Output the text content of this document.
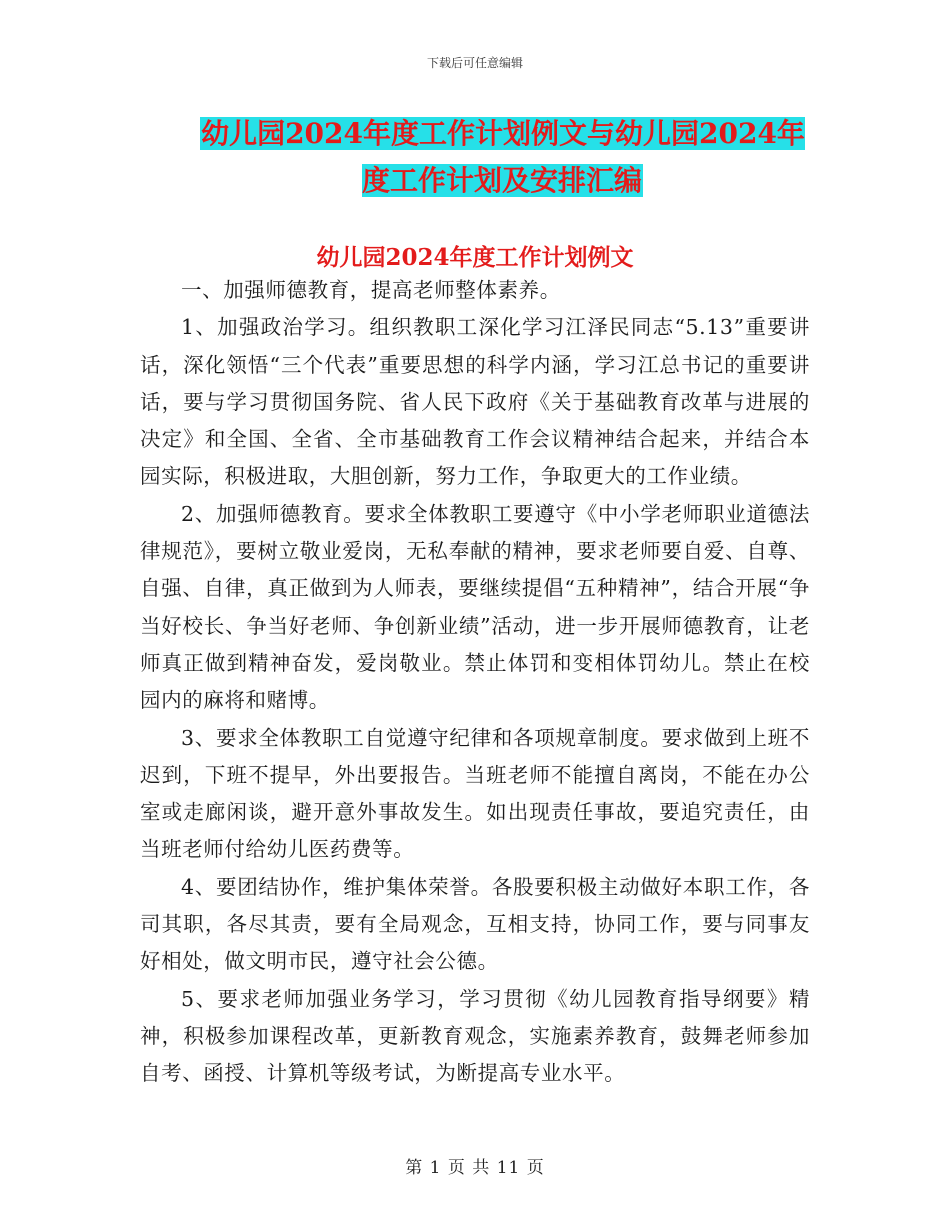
下载后可任意编辑
幼儿园2024年度工作计划例文与幼儿园2024年度工作计划及安排汇编
幼儿园2024年度工作计划例文

一、加强师德教育，提高老师整体素养。

1、加强政治学习。组织教职工深化学习江泽民同志“5.13”重要讲话，深化领悟“三个代表”重要思想的科学内涵，学习江总书记的重要讲话，要与学习贯彻国务院、省人民下政府《关于基础教育改革与进展的决定》和全国、全省、全市基础教育工作会议精神结合起来，并结合本园实际，积极进取，大胆创新，努力工作，争取更大的工作业绩。

2、加强师德教育。要求全体教职工要遵守《中小学老师职业道德法律规范》，要树立敬业爱岗，无私奉献的精神，要求老师要自爱、自尊、自强、自律，真正做到为人师表，要继续提倡“五种精神”，结合开展“争当好校长、争当好老师、争创新业绩”活动，进一步开展师德教育，让老师真正做到精神奋发，爱岗敬业。禁止体罚和变相体罚幼儿。禁止在校园内的麻将和赌博。

3、要求全体教职工自觉遵守纪律和各项规章制度。要求做到上班不迟到，下班不提早，外出要报告。当班老师不能擅自离岗，不能在办公室或走廊闲谈，避开意外事故发生。如出现责任事故，要追究责任，由当班老师付给幼儿医药费等。

4、要团结协作，维护集体荣誉。各股要积极主动做好本职工作，各司其职，各尽其责，要有全局观念，互相支持，协同工作，要与同事友好相处，做文明市民，遵守社会公德。

5、要求老师加强业务学习，学习贯彻《幼儿园教育指导纲要》精神，积极参加课程改革，更新教育观念，实施素养教育，鼓舞老师参加自考、函授、计算机等级考试，为断提高专业水平。

第 1 页 共 11 页
